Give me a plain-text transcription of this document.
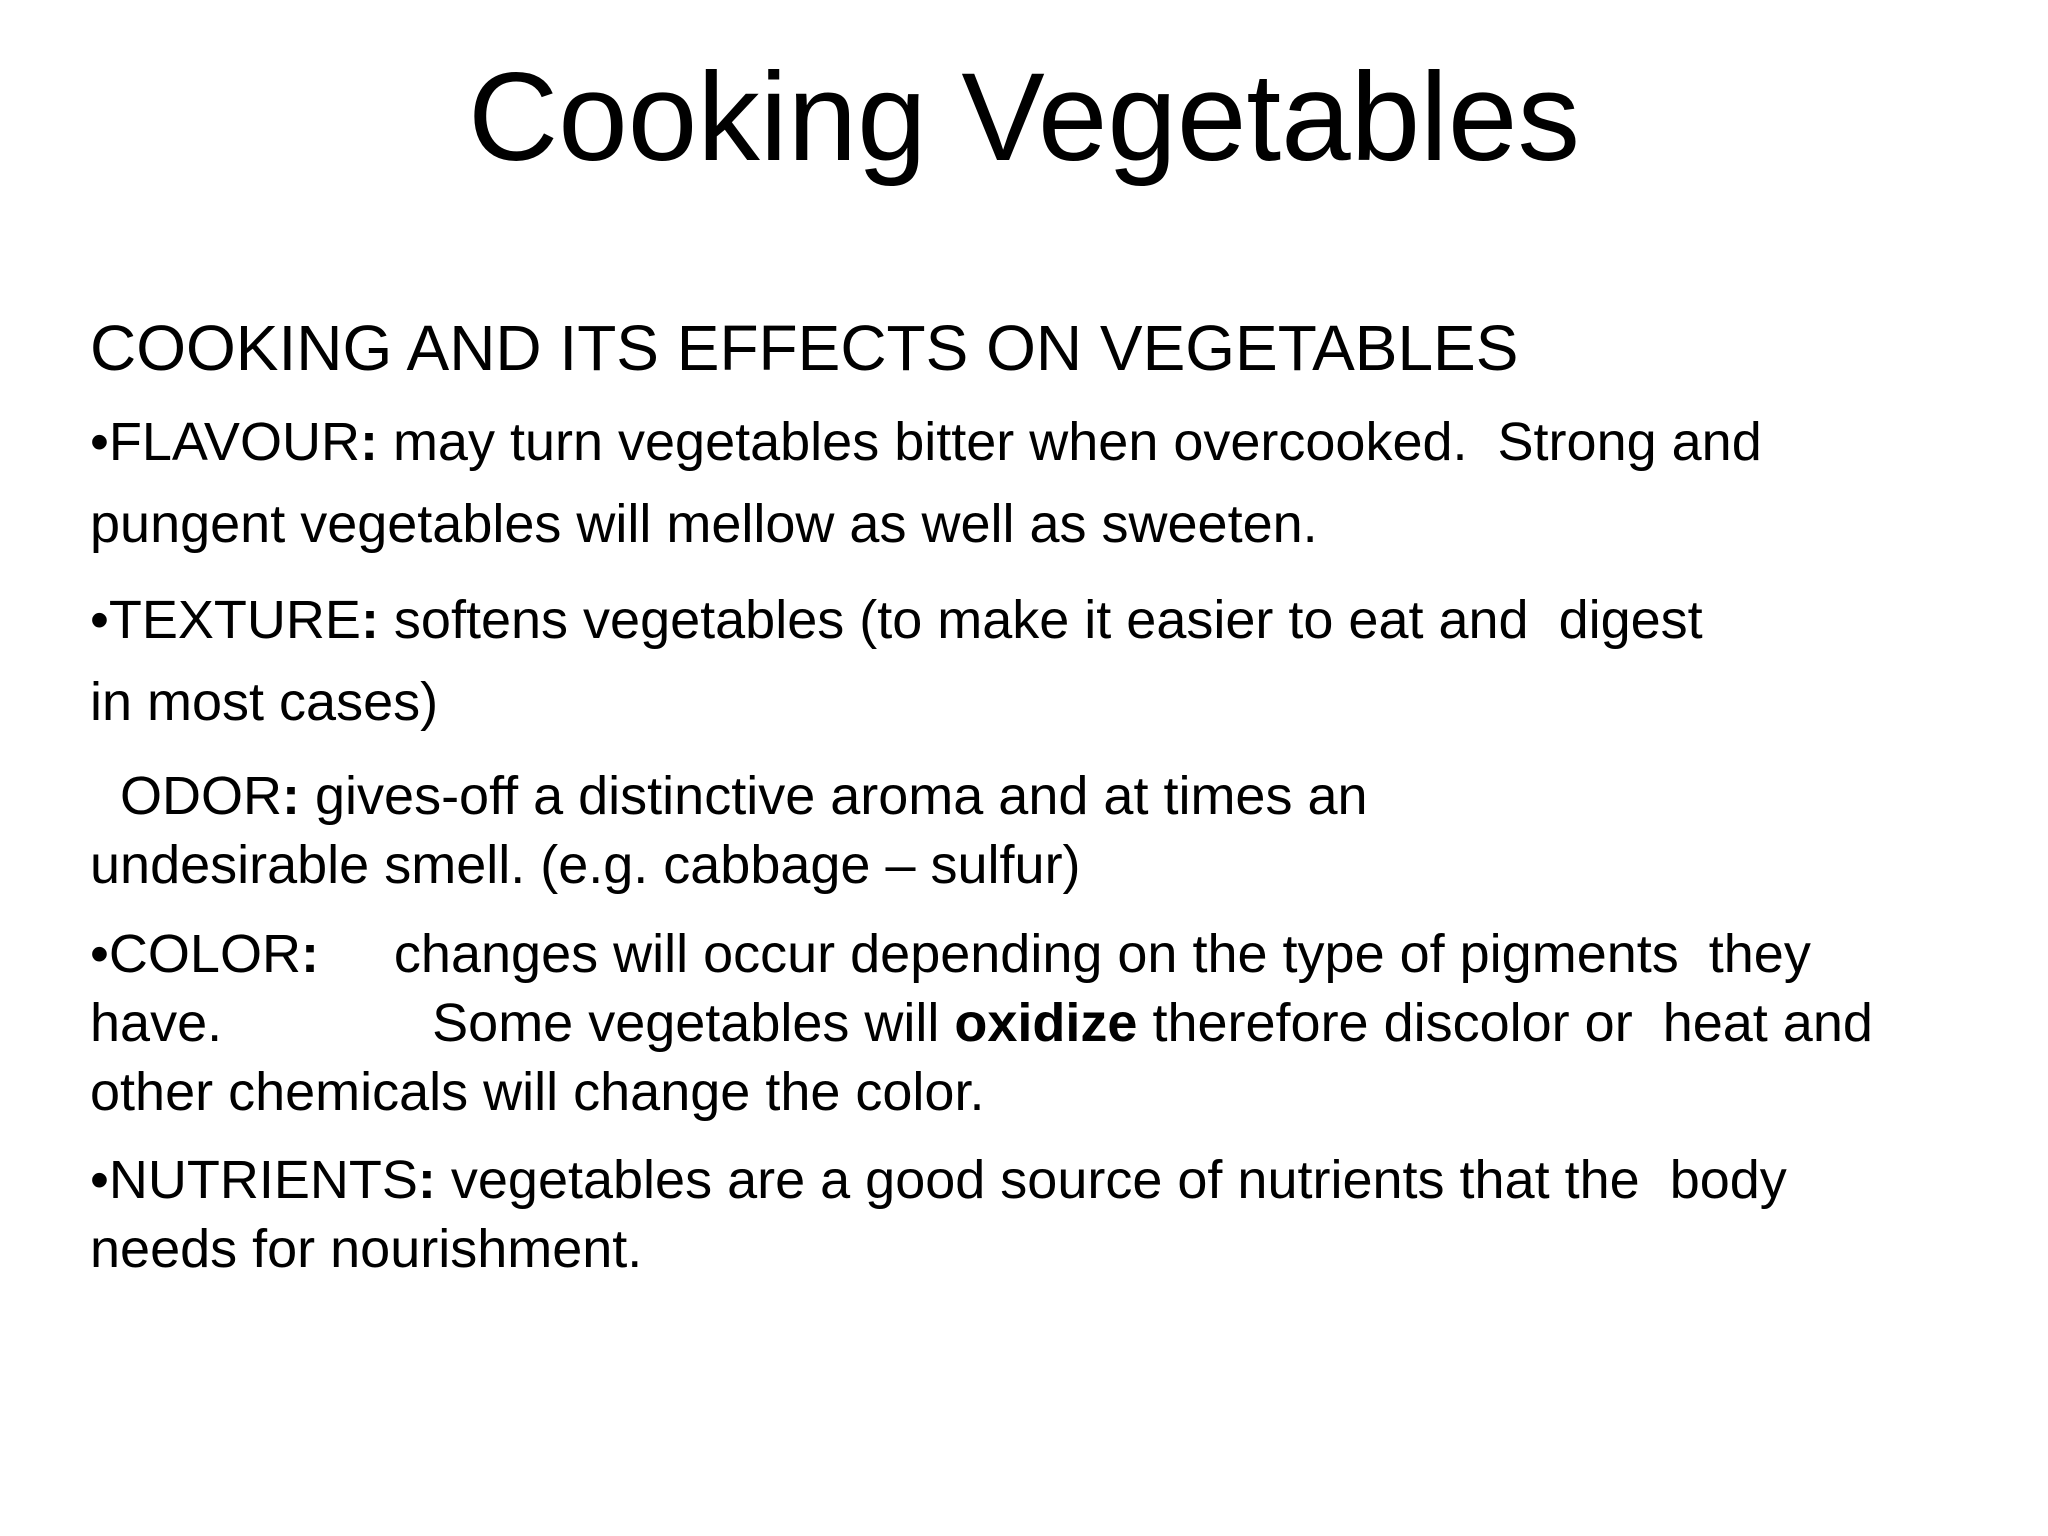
Cooking Vegetables
COOKING AND ITS EFFECTS ON VEGETABLES
•FLAVOUR: may turn vegetables bitter when overcooked.  Strong and
pungent vegetables will mellow as well as sweeten.
•TEXTURE: softens vegetables (to make it easier to eat and  digest
in most cases)
ODOR: gives-off a distinctive aroma and at times an
undesirable smell. (e.g. cabbage – sulfur)
•COLOR:     changes will occur depending on the type of pigments  they
have.              Some vegetables will oxidize therefore discolor or  heat and
other chemicals will change the color.
•NUTRIENTS: vegetables are a good source of nutrients that the  body
needs for nourishment.
